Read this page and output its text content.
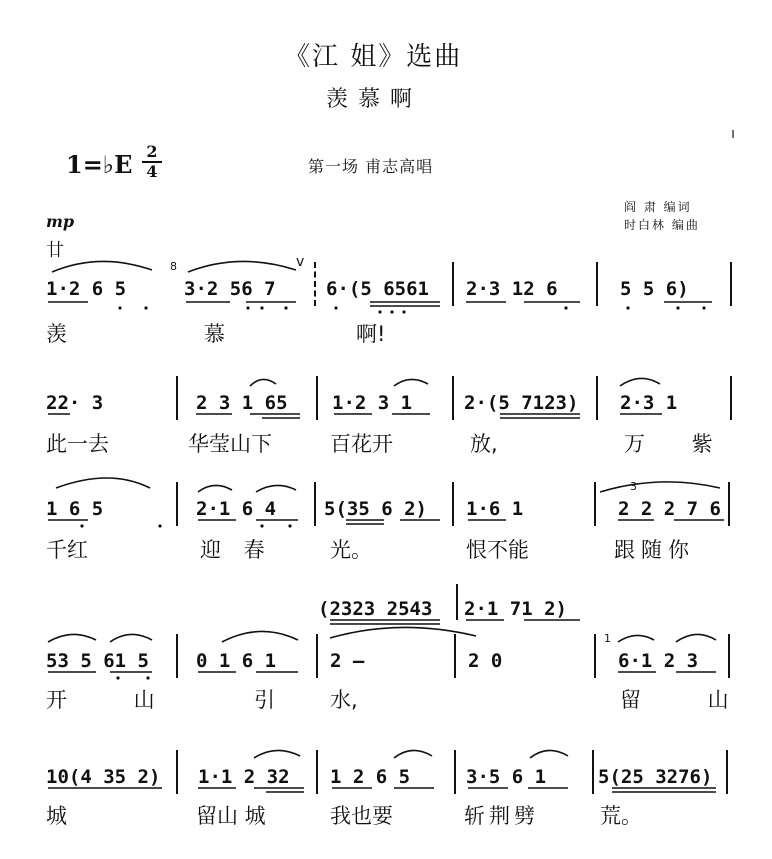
《江 姐》选曲
羡慕啊
1=♭E 2
4	第一场 甫志高唱
阎 肃 编词
时白林 编曲
mp
廿
1·2 6 5	3·2 56 7	6·(5 6561 2·3 12 6	5 5 6)
羡	慕	啊!
22· 3	2 3 1 65 1·2 3 1	2·(5 7123) 2·3 1
此一去	华莹山下	百花开	放,	万 紫
1 6 5	2·1 6 4	5(35 6 2) 1·6 1	2 2 2 7 6
千红	迎 春	光。	恨不能	跟随你
(2323 2543 2·1 71 2)
53 5 61 5 0 1 6 1	2 —	2 0	6·1 2 3
开 山	引	水,	留 山
10(4 35 2) 1·1 2 32 1 2 6 5	3·5 6 1	5(25 3276)
城	留山 城	我也要	斩荆劈	荒。
v
8
3
1
